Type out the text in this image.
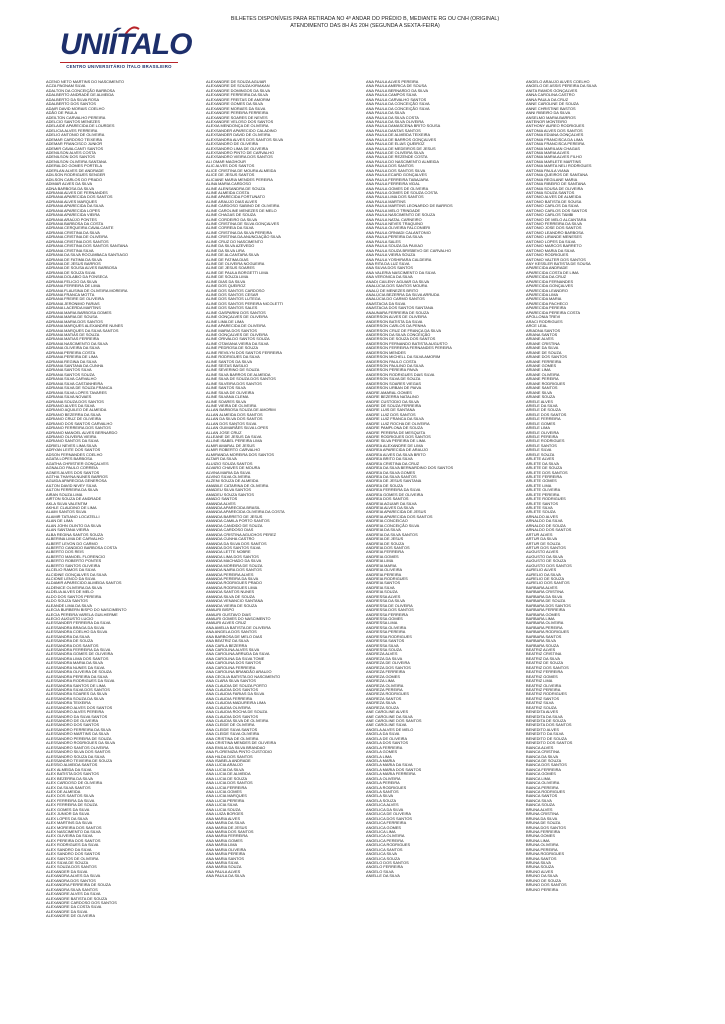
UNIÍTALO
CENTRO UNIVERSITÁRIO ÍTALO BRASILEIRO
BILHETES DISPONÍVEIS PARA RETIRADA NO 4º ANDAR DO PRÉDIO B, MEDIANTE RG OU CNH (ORIGINAL)
ATENDIMENTO DAS 8H ÀS 20H (SEGUNDA A SEXTA-FEIRA)
ACENO NETO MARTINS DO NASCIMENTO
ACZA PAGNAM SILVA
ADALTON DA CONCEIÇÃO BARBOSA
ADALBERTO ANDRADE DE ALMEIDA
ADALBERTO DA SILVA ROSA
ADALBERTO DOS SANTOS
ADAIR DAVID MORAIS COELHO
ADÃO DE PAULA
ADEILTON CARVALHO PEREIRA
ADELCIO SANTOS MENEZES
ADELAIDE APARECIDA DE LOURDES
ADELICIA ALVES FERREIRA
ADELIO ANTONIO DE OLIVEIRA
ADEMAR CARDOSO TEIXEIRA
ADEMAR FRANCISCO JUNIOR
ADEMIR CAVALCANTI SANTOS
ADENILSON ALVES COSTA
ADENILSON DOS SANTOS
ADENILSON OLIVEIRA SANTANA
ADERALDO GOMES PORTELA
ADERLAN ALVES DE ANDRADE
ADILSON RODRIGUES SENGER
ADILSON CARLOS DO PRADO
ADIMAR ALVES DA SILVA
ADNA BARBOSA DA SILVA
ADRIANA ALVES DE FERNANDES
ADRIANA APARECIDA DOS SANTOS
ADRIANA ALVES MARQUES
ADRIANA APARECIDA DA SILVA
ADRIANA APARECIDA LOPES
ADRIANA APARECIDA VIEIRA
ADRIANA ARAÚJO PONTES
ADRIANA BARBOSA DA COSTA
ADRIANA CERQUEIRA CAVALCANTE
ADRIANA CRISTINA DA SILVA
ADRIANA CRISTINA DE OLIVEIRA
ADRIANA CRISTINA DOS SANTOS
ADRIANA CRISTINA DOS SANTOS SANTANA
ADRIANA CRISTINA SILVA
ADRIANA DA SILVA ROCUMBACA SANTIAGO
ADRIANA DE FATIMA DA SILVA
ADRIANA DE JESUS BARROS
ADRIANA DE SOUSA ALVES BARBOSA
ADRIANA DE SOUZA SILVA
ADRIANA DOLABIO DA FONSECA
ADRIANA FELICIO DA SILVA
ADRIANA FERREIRA DE LIMA
ADRIANA FLAUSINA DE OLIVEIRA MOREIRA
ADRIANA FRANCA MOTTA
ADRIANA FREIRE DE OLIVEIRA
ADRIANA JERONIMO FARIAS
ADRIANA LACERDA MARTINS
ADRIANA MARIA BARBOSA GOMES
ADRIANA MARIA DE SOUSA
ADRIANA MARIA DOS SANTOS
ADRIANA MARQUES ALEXANDRE NUNES
ADRIANA MARQUES DA SILVA SANTOS
ADRIANA MATIAS DE SOUZA
ADRIANA MATIAS FERREIRA
ADRIANA NASCIMENTO DA SILVA
ADRIANA OLIVEIRA DA SILVA
ADRIANA PEREIRA COSTA
ADRIANA PEREIRA DE LIMA
ADRIANA REGINA DA SILVA
ADRIANA SANTANA DA CUNHA
ADRIANA SANTOS SILVA
ADRIANA SANTOS SOUZA
ADRIANA SILVA CARVALHO
ADRIANA SILVA CASTANHEIRA
ADRIANA SILVA DE SOUZA FRANCA
ADRIANA SILVA LOPES TAVARES
ADRIANA SILVA NOVAES
ADRIANA SOUZA DOS SANTOS
ADRIANO ALVES DA SILVA
ADRIANO AQUILEO DE ALMEIDA
ADRIANO BEZERRA DA SILVA
ADRIANO CRUZ DE OLIVEIRA
ADRIANO DOS SANTOS CARVALHO
ADRIANO FERREIRA DOS SANTOS
ADRIANO MANOEL ALVES BERNARDO
ADRIANO OLIVEIRA VIEIRA
ADRIANO SANTOS DA SILVA
ADRIELI NEVES LIMA SILVA
ADRYAN LEITE DOS SANTOS
ADSON FERNANDES COELHO
AGATA LOPES BARBOSA
AGATHA CHRISTIER GONÇALVES
AGNALDO PAULO CORREIA
AGNES ALVES DOS SANTOS
AGTHA THAYNA NUNES BARROS
AGUIDA APARECIDA GENEROSA
AILTON DAVID NIVEY SILVA
AILTON FERREIRA DA SILVA
AIRAN SOUZA LIMA
AIRTON SOUZA DE ANDRADE
AKLA SILVA VALENTIM
AKHLE CLAUDINO DE LIMA
ALAIM SANTOS SILVA
ALAMIR TATIANO LOCATELLI
ALAN DE LIMA
ALAN JOHN OLINTO DA SILVA
ALAN SANTANA VIEIRA
ALBA REGINA SANTOS SOUZA
ALBERINA LIMA DE CARVALHO
ALBERT LEVON DO CARMO
ALBERTO CANDIDO BARBOSA COSTA
ALBERTO DOS REIS
ALBERTO MANOEL FLORENCIO
ALBERTO ROBERTO PONTES
ALBERTO SANTOS OLIVEIRA
ALCELIO RAMOS DA SILVA
ALCIDINE GONÇALVES DA SILVA
ALCIONE LENCO DA SILVA
ALDAMIR APARECIDO ALMEIDA SANTOS
ALDENICE OLIVEIRA DA SILVA
ALDELIA ALVES DE MELO
ALDO DOS SANTOS PEREIRA
ALDO SOUZA SANTOS
ALEANDE LIMA DA SILVA
ALECIA BURBERN BISPO DO NASCIMENTO
ALECIA PEREIRA VARELA GUILHERME
ALECIO AUGUSTO LUCIO
ALESSANDER FERREIRA DA SILVA
ALESSANDRA BRAGA DA SILVA
ALESSANDRA COELHO DA SILVA
ALESSANDRA DA SILVA
ALESSANDRA DE SOUZA
ALESSANDRA DOS SANTOS
ALESSANDRA FERREIRA DA SILVA
ALESSANDRA GOMES DE OLIVEIRA
ALESSANDRA LIMA DOS SANTOS
ALESSANDRA MARIA DA SILVA
ALESSANDRA NUNES DA SILVA
ALESSANDRA OLIVEIRA DE SOUZA
ALESSANDRA PEREIRA DA SILVA
ALESSANDRA RODRIGUES DA SILVA
ALESSANDRA SANTOS DE LIMA
ALESSANDRA SILVA DOS SANTOS
ALESSANDRA SOARES DA SILVA
ALESSANDRA SOUZA DA SILVA
ALESSANDRA TEIXEIRA
ALESSANDRO ALVES DOS SANTOS
ALESSANDRO ALVES PEREIRA
ALESSANDRO DA SILVA SANTOS
ALESSANDRO DE OLIVEIRA
ALESSANDRO DOS SANTOS
ALESSANDRO FERREIRA DA SILVA
ALESSANDRO MARTINS DA SILVA
ALESSANDRO PEREIRA DE SOUZA
ALESSANDRO RODRIGUES DA SILVA
ALESSANDRO SANTOS OLIVEIRA
ALESSANDRO SILVA DOS SANTOS
ALESSANDRO SOUZA DA SILVA
ALESSANDRO TEIXEIRA DE SOUZA
ALESSIO ALMEIDA SANTOS
ALEX ALMEIDA DA SILVA
ALEX BATISTA DOS SANTOS
ALEX BEZERRA DA SILVA
ALEX CARDOSO DE OLIVEIRA
ALEX DA SILVA SANTOS
ALEX DE ALMEIDA
ALEX DOS SANTOS SILVA
ALEX FERREIRA DA SILVA
ALEX FERREIRA DE SOUZA
ALEX GOMES DA SILVA
ALEX JUNIOR DA SILVA
ALEX LOPES DA SILVA
ALEX MARTINS DA SILVA
ALEX MOREIRA DOS SANTOS
ALEX NASCIMENTO DA SILVA
ALEX OLIVEIRA DA SILVA
ALEX PEREIRA DOS SANTOS
ALEX RODRIGUES DA SILVA
ALEX SANDRO DA SILVA
ALEX SANDRO DOS SANTOS
ALEX SANTOS DE OLIVEIRA
ALEX SILVA DE SOUZA
ALEX SOUZA DOS SANTOS
ALEXANDER DA SILVA
ALEXANDRA ALVES DA SILVA
ALEXANDRA DOS SANTOS
ALEXANDRA FERREIRA DE SOUZA
ALEXANDRA SILVA SANTOS
ALEXANDRE ALVES DA SILVA
ALEXANDRE BATISTA DE SOUZA
ALEXANDRE CARDOSO DOS SANTOS
ALEXANDRE DA COSTA SILVA
ALEXANDRE DA SILVA
ALEXANDRE DE OLIVEIRA
ALEXANDRE DE SOUZA AGUIAR
ALEXANDRE DE SOUZA KIRIAKAN
ALEXANDRE DOMINGOS DA SILVA
ALEXANDRE FERREIRA DA SILVA
ALEXANDRE FREITAS DE AMORIM
ALEXANDRE GOMES DA SILVA
ALEXANDRE MORAES DA SILVA
ALEXANDRE PEREIRA FERREIRA
ALEXANDRE SOARES DE NEVES
ALEXANDRE VELOSO DOS SANTOS
ALEXIA MENDONÇA DE OLIVEIRA
ALEXSANDER APARECIDO CALADINO
ALEXSANDER DAVID DE OLIVEIRA
ALEXSANDRA ALVES DOS SANTOS SILVA
ALEXSANDRO DE OLIVEIRA
ALEXSANDRO LIMA DE OLIVEIRA
ALEXSANDRO PINTO DE CARVALHO
ALEXSANDRO VIEIRA DOS SANTOS
ALI OMAR MAGHOUR
ALIC ALVES DOS SANTOS
ALICE CRISTINA DE MOURA ALMEIDA
ALICE DE JESUS SANTOS
ALICIANE MARIA MENDES PEREIRA
ALINA MARIA CARDOSO
ALINE ALENSANDRA DE SOUZA
ALINE ALMEIDA COSTA
ALINE APARECIDA FORTUNATO
ALINE ARAUJO DIAS ALVES
ALINE CARDOSO SABINO DE OLIVEIRA
ALINE CAROLINE MENEZES DE MELO
ALINE CHAGAS DE SOUZA
ALINE CORDEIRO DA SILVA
ALINE CRISTINA DE SILVA GONÇALVES
ALINE CORREIA DA SILVA
ALINE CRISTINA DA SILVA PEREIRA
ALINE CRISTINA DA ANUNCIAÇÃO SILVA
ALINE CRUZ DO NASCIMENTO
ALINE DA SILVA AZEVEDO
ALINE DA SILVA LIRA
ALINE DE ALCANTARA SILVA
ALINE DE FATIMA DIAS
ALINE DE OLIVEIRA NOGUEIRA
ALINE DE JESUS SOARES
ALINE DE PAULA BORGETTI LIMA
ALINE DE SOUZA LIMA
ALINE DIAS DA SILVA
ALINE DOS QUEIROZ
ALINE DOS SANTOS CARDOSO
ALINE DOS SANTOS CESAR
ALINE DOS SANTOS LUTEGA
ALINE DOS SANTOS PEREIRA NICOLETTI
ALINE DOS SANTOS SALES
ALINE GASPARINI DOS SANTOS
ALINE GONÇALVES DE OLIVEIRA
ALINE LIMA DE LIMA
ALINE APARECIDA DE OLIVEIRA
ALINE MARIA DOS SANTOS
ALINE GONÇALVES DE OLIVEIRA
ALINE ORIVALDO SANTOS SOUZA
ALINE OTAVIANA VIEIRA DA SILVA
ALINE PEDROSA DE SOUZA
ALINE REVILYN DOS SANTOS FERREIRA
ALINE RODRIGUES DA SILVA
ALINE SANTOS DA SILVA
ALINE SEITAS BASILIO
ALINE SEVERINO DE SOUZA
ALINE SILVA BARROS DE ALMEIDA
ALINE SILVA DE SOUZA DOS SANTOS
ALINE SILVEIRA DOS SANTOS
ALINE SANTOS SILVA
ALINE SILVA DE OLIVEIRA
ALINE SILVANA CLEMA
ALINE SOARES SILVA
ALINE VIEIRA DE OLIVEIRA
ALLAN BARBOSA SOUZA DE AMORIM
ALLAN ALMEIDA DOS SANTOS
ALLAN DA SILVA DOS SANTOS
ALLAN DOS SANTOS SILVA
ALLAN GUIMARÃES SILVA LOPES
ALLAN JOSE CRUZ
ALLEANE DE JESUS DA SILVA
ALLINE ISABEL PEREIRA LIMA
ALMIR AMARAL DE JESUS
ALMIR ROBERTO CARVALHO
ALMIRANDA MOREIRA DOS SANTOS
ALTAIR DA SILVA
ALUIZIO SOUZA SANTOS
ALVARO CHAVES DE MOURA
ALVINA MARIA DA SILVA
ALVINO SILVA OLIVEIRA
ALZENI SOUZA DE ALMEIDA
AMABILE CATARINA DE OLIVEIRA
AMADEU SILVA SANTOS
AMADEU SOUZA SANTOS
AMADO SANTOS
AMANDA ALVES
AMANDA APARECIDA BRASIL
AMANDA APARECIDA OLIVEIRA DA COSTA
AMANDA BARRETO DE JESUS
AMANDA CAMILA PORTO SANTOS
AMANDA CANDIDO DE SOUZA
AMANDA CARDOSO DIAS
AMANDA CRISTINA AGUCHOS PEREZ
AMANDA CUNHA CASTRO
AMANDA DA SILVA DOS SANTOS
AMANDA DOS SANTOS SILVA
AMANDA LETTE NOBRE
AMANDA LIMA DOS SANTOS
AMANDA MACHADO DA SILVA
AMANDA MOREIRA DE SOUZA
AMANDA NAIRA DOS SANTOS
AMANDA PEREIRA ALVES
AMANDA PEREIRA DA SILVA
AMANDA RODRIGUES PRADO
AMANDA RODRIGUES LIMA
AMANDA SANTOS NUNES
AMANDA SILVA DE SOUZA
AMANDA VENANCIO SANTANA
AMANDA VIEIRA DE SOUZA
AMAURI BISPO
AMAURI GUSTAVO DIAS
AMAURI GOMES DO NASCIMENTO
AMAURI ALVES CRUZ
ANA AMELIA BATISTA DE OLIVEIRA
ANA ANGELA DOS SANTOS
ANA BARBOSA DE MELO DIAS
ANA BEATRIZ DA SILVA
ANA CARLA BEZERRA
ANA CAROLINA ALVES SILVA
ANA CAROLINA ARRUDA DA SILVA
ANA CAROLINA DA SILVA TOME
ANA CAROLINA DOS SANTOS
ANA CAROLINA FERREIRA
ANA CAROLINA BRANDÃO ARAUJO
ANA CECILIA BATISTA DO NASCIMENTO
ANA CLARA SILVA SANTOS
ANA CLAUDIA DE SOUZA PORTO
ANA CLAUDIA DOS SANTOS
ANA CLAUDIA FARIAS DA SILVA
ANA CLAUDIA FERREIRA
ANA CLAUDIA MADUREIRA LIMA
ANA CLAUDIA OLIVEIRA
ANA CLAUDIA ROCHA DE SOUZA
ANA CLAUDIA DOS SANTOS
ANA CLAUDIA SILVA DE OLIVEIRA
ANA CLEIDE DE OLIVEIRA
ANA CLEIDE SILVA SANTOS
ANA CLEIDE SILVA OLIVEIRA
ANA CRISTINA DE OLIVEIRA
ANA CRISTINA MENDES DE OLIVEIRA
ANA EMILIA DA SILVA BRANDAO
ANA FLORENIZIA PINTO CUSTODIO
ANA HILDA DOS SANTOS
ANA ISABELA ANDRADE
ANA LUCIA ARAUJO
ANA LUCIA DA SILVA
ANA LUCIA DE ALMEIDA
ANA LUCIA DE SOUZA
ANA LUCIA DOS SANTOS
ANA LUCIA FERREIRA
ANA LUCIA GOMES
ANA LUCIA MARQUES
ANA LUCIA PEREIRA
ANA LUCIA SILVA
ANA LUCIA SOUZA
ANA LUIZA BORGES
ANA MARIA ALVES
ANA MARIA DA SILVA
ANA MARIA DE JESUS
ANA MARIA DOS SANTOS
ANA MARIA FERREIRA
ANA MARIA GOMES
ANA MARIA LIMA
ANA MARIA OLIVEIRA
ANA MARIA PEREIRA
ANA MARIA SANTOS
ANA MARIA SILVA
ANA MARIA SOUZA
ANA PAULA ALVES
ANA PAULA DA SILVA
ANA PAULA ALVES PEREIRA
ANA PAULA AMERICA DE SOUSA
ANA PAULA BERNARDO DA SILVA
ANA PAULA CAMPOS SILVA
ANA PAULA CARVALHO SANTOS
ANA PAULA DA CONCEIÇÃO SILVA
ANA PAULA DA CONCEIÇÃO SILVA
ANA PAULA DA SILVA
ANA PAULA DA SILVA COSTA
ANA PAULA DA SILVA OLIVEIRA
ANA PAULA DAMASCENA BRITO SOUSA
ANA PAULA DANTAS SANTOS
ANA PAULA DE ALMEIDA TEIXEIRA
ANA PAULA DE BARROS GONÇALVES
ANA PAULA DE ELIAS QUEIROZ
ANA PAULA DE MEDEIROS DE JESUS
ANA PAULA DE OLIVEIRA SILVA
ANA PAULA DE REZENDE COSTA
ANA PAULA DO NASCIMENTO ALMEIDA
ANA PAULA DOS SANTOS
ANA PAULA DOS SANTOS SILVA
ANA PAULA ECARD GONÇALVES
ANA PAULA FERREIRA TABAJARA
ANA PAULA FERREIRA VIDAL
ANA PAULA GOMES DE OLIVEIRA
ANA PAULA GOMES DE SOUZA COSTA
ANA PAULA LIMA DOS SANTOS
ANA PAULA MARTINS
ANA PAULA MARTINS LEONARDO DE BARROS
ANA PAULA MELO TRINDADE
ANA PAULA NASCIMENTO DE SOUZA
ANA PAULA NATAL CARNEIRO
ANA PAULA NEVES TRAQUINO
ANA PAULA OLIVEIRA FALCONIERI
ANA PAULA ORNIADI CALANTONIO
ANA PAULA PEREIRA DA SILVA
ANA PAULA SALES
ANA PAULA SOUZA DA PAIXAO
ANA PAULA SOUZA BRISBEVO DE CARVALHO
ANA PAULA VIEIRA SOUZA
ANA PAULA YOSHIRARA CALDEIRA
ANA RITA DA LUZ SILVA
ANA SILVIA DOS SANTOS
ANA VALERIA NASCIMENTO DA SILVA
ANA VERONICA DA SILVA
ANADI CAILENY AGUIAR DA SILVA
ANALÚCIA DOS SANTOS MOURA
ANALÚ DE MENEZES BRITO
ANALÚCIA BEZERRA DA SILVA ARRUDA
ANALÚCIA DO CARMO SANTOS
ANASTACIA DA SILVA
ANASTACIA DOS SANTOS SANTANA
ANAUNARA FERREIRA DE SOUZA
ANDERSON ALVES DE OLIVEIRA
ANDERSON BATISTA DA SILVA
ANDERSON CARLOS DA PENHA
ANDERSON CRUZ DE FRANÇA DA SILVA
ANDERSON DA SILVA CONCEIÇÃO
ANDERSON DE SOUZA DOS SANTOS
ANDERSON FERNANDO BATISTA AUGUSTO
ANDERSON FERREIRA FERNANDES PEREIRA
ANDERSON MENDES
ANDERSON MICHELL DA SILVA AMORIM
ANDERSON PAULO COSTA
ANDERSON PAULINO DA SILVA
ANDERSON PEREIRA PAIVA
ANDERSON RODRIGUES DIAS SILVA
ANDERSON SILVA DE SOUZA
ANDERSON SOARES VIEGAS
ANDERSON URBAN DE PAIVA
ANDRE AMARAL GOMES
ANDRE BEZERRA NATALINO
ANDRE CUSTODIO DA SILVA
ANDRE DE SOUZA FERREIRA
ANDRE LUIS DE SANTANA
ANDRE LUIZ DOS SANTOS
ANDRE LUIZ FRANCA DA SILVA
ANDRE LUIZ ROCHA DE OLIVEIRA
ANDRE PAMPLONA DE SOUZA
ANDRE PEREIRA DE MESQUITA
ANDRE RODRIGUES DOS SANTOS
ANDRE SILVA PEREIRA DE LIMA
ANDREA ALEXANDRE DE LIMA
ANDREA APARECIDA DE ARAUJO
ANDREA ALVES DA SILVA BRITO
ANDREA BRITO DA SILVA
ANDREA CRISTINA DA CRUZ
ANDREA DA SILVA BERNARDINO DOS SANTOS
ANDREA DA SILVA GOMES
ANDREA DA SILVA SANTOS
ANDREA DE JESUS SANTANA
ANDREA DE SOUZA
ANDREA FERREIRA DA SILVA
ANDREA GOMES DE OLIVEIRA
ANDREA DOS SANTOS
ANDREIA AGUIAR DA SILVA
ANDREIA ALVES DA SILVA
ANDREIA APARECIDA DE JESUS
ANDREIA APARECIDA DOS SANTOS
ANDREIA CONCEICAO
ANDREIA CONCEIÇÃO SILVA
ANDREIA DA SILVA
ANDREIA DA SILVA SANTOS
ANDREIA DE JESUS
ANDREIA DE SOUZA
ANDREIA DOS SANTOS
ANDREIA FERREIRA
ANDREIA GOMES
ANDREIA LIMA
ANDREIA MARIA
ANDREIA OLIVEIRA
ANDREIA PEREIRA
ANDREIA RODRIGUES
ANDREIA SANTOS
ANDREIA SILVA
ANDREIA SOUZA
ANDRESSA ALVES
ANDRESSA DA SILVA
ANDRESSA DE OLIVEIRA
ANDRESSA DOS SANTOS
ANDRESSA FERREIRA
ANDRESSA GOMES
ANDRESSA LIMA
ANDRESSA OLIVEIRA
ANDRESSA PEREIRA
ANDRESSA RODRIGUES
ANDRESSA SANTOS
ANDRESSA SILVA
ANDRESSA SOUZA
ANDREZA ALVES
ANDREZA DA SILVA
ANDREZA DE OLIVEIRA
ANDREZA DOS SANTOS
ANDREZA FERREIRA
ANDREZA GOMES
ANDREZA LIMA
ANDREZA OLIVEIRA
ANDREZA PEREIRA
ANDREZA RODRIGUES
ANDREZA SANTOS
ANDREZA SILVA
ANDREZA SOUZA
ANE CAROLINE ALVES
ANE CAROLINE DA SILVA
ANE CAROLINE DOS SANTOS
ANE CAROLINE SILVA
ANGELA ALVES DE MELO
ANGELA DA SILVA
ANGELA DE OLIVEIRA
ANGELA DOS SANTOS
ANGELA FERREIRA
ANGELA GOMES
ANGELA LIMA
ANGELA MARIA
ANGELA MARIA DA SILVA
ANGELA MARIA DOS SANTOS
ANGELA MARIA FERREIRA
ANGELA OLIVEIRA
ANGELA PEREIRA
ANGELA RODRIGUES
ANGELA SANTOS
ANGELA SILVA
ANGELA SOUZA
ANGELICA ALVES
ANGELICA DA SILVA
ANGELICA DE OLIVEIRA
ANGELICA DOS SANTOS
ANGELICA FERREIRA
ANGELICA GOMES
ANGELICA LIMA
ANGELICA OLIVEIRA
ANGELICA PEREIRA
ANGELICA RODRIGUES
ANGELICA SANTOS
ANGELICA SILVA
ANGELICA SOUZA
ANGELO DOS SANTOS
ANGELO FERREIRA
ANGELO SILVA
ANIELLE DA SILVA
ANGELO ARAUJO ALVES COELHO
ANGELO DE ASSIS PEREIRA DA SILVA
ANITA RAMOS GONÇALVES
ANNA CAROLINA CASTRO
ANNA PAULA DA CRUZ
ANNE CAROLINE DE SOUZA
ANNE CHRISTINE BASTOS
ANNI RIBEIRO DA SILVA
ANSELMO MARIA BARROS
ANTENOR MONTEIRO
ANTHONY AUREO RODRIGUES
ANTONIA ALVES DOS SANTOS
ANTONIA EDIANA GONÇALVES
ANTONIA FRANCISCA DA LIMA
ANTONIA FRANCISCA PEREIRA
ANTONIA MARILIAN CHAGAS
ANTONIA MARIA ALVES
ANTONIA MARIA ALVES FILHO
ANTONIA MARLETE MARTINS
ANTONIA MARTA NELI RODRIGUES
ANTONIA PAULA VIANA
ANTONIA QUEIROS DE SANTANA
ANTONIA REGILANE MARIA
ANTONIA RIBEIRO DE SANTANA
ANTONIA SOUSA DE OLIVEIRA
ANTONIA SOUZA SANTOS
ANTONIO ALVES DE ALMEIDA
ANTONIO BATISTA DE SOUSA
ANTONIO CARLOS DA SILVA
ANTONIO CARLOS DOS SANTOS
ANTONIO CARLOS TAMBI
ANTONIO DE MELO ALCANTARA
ANTONIO FERREIRA DA SILVA
ANTONIO JOSE DOS SANTOS
ANTONIO LEANDRO BARBOSA
ANTONIO LIRANDE MENESES
ANTONIO LOPES DA SILVA
ANTONIO MARCOS BARRETO
ANTONIO MARIA DA SILVA
ANTONIO RODRIGUES
ANTONIO VALTER DOS SANTOS
ANY KESSLER BATISTA DE SOUSA
APARECIDA ANDRADE
APARECIDA COSTA DE LIMA
APARECIDA DA CRUZ
APARECIDA FERNANDES
APARECIDA GONÇALVES
APARECIDA LEANDRO
APARECIDA LIMA
APARECIDA MARIA
APARECIDA PACHECO
APARECIDA PEREIRA
APARECIDA PEREIRA COSTA
APOLLONIA TREVI
ARACI RODRIGUES
ARCE LEAL
ARIADNA SANTOS
ARIANA SANTOS
ARIANE ALVES
ARIANE CRISTINA
ARIANE DA SILVA
ARIANE DE SOUZA
ARIANE DOS SANTOS
ARIANE FERREIRA
ARIANE GOMES
ARIANE LIMA
ARIANE OLIVEIRA
ARIANE PEREIRA
ARIANE RODRIGUES
ARIANE SANTOS
ARIANE SILVA
ARIANE SOUZA
ARIELE ALVES
ARIELE DA SILVA
ARIELE DE SOUZA
ARIELE DOS SANTOS
ARIELE FERREIRA
ARIELE GOMES
ARIELE LIMA
ARIELE OLIVEIRA
ARIELE PEREIRA
ARIELE RODRIGUES
ARIELE SANTOS
ARIELE SILVA
ARIELE SOUZA
ARLETE ALVES
ARLETE DA SILVA
ARLETE DE SOUZA
ARLETE DOS SANTOS
ARLETE FERREIRA
ARLETE GOMES
ARLETE LIMA
ARLETE OLIVEIRA
ARLETE PEREIRA
ARLETE RODRIGUES
ARLETE SANTOS
ARLETE SILVA
ARLETE SOUZA
ARNALDO ALVES
ARNALDO DA SILVA
ARNALDO DE SOUZA
ARNALDO DOS SANTOS
ARTUR ALVES
ARTUR DA SILVA
ARTUR DE SOUZA
ARTUR DOS SANTOS
AUGUSTO ALVES
AUGUSTO DA SILVA
AUGUSTO DE SOUZA
AUGUSTO DOS SANTOS
AURELIO ALVES
AURELIO DA SILVA
AURELIO DE SOUZA
AURELIO DOS SANTOS
BARBARA ALVES
BARBARA CRISTINA
BARBARA DA SILVA
BARBARA DE SOUZA
BARBARA DOS SANTOS
BARBARA FERREIRA
BARBARA GOMES
BARBARA LIMA
BARBARA OLIVEIRA
BARBARA PEREIRA
BARBARA RODRIGUES
BARBARA SANTOS
BARBARA SILVA
BARBARA SOUZA
BEATRIZ ALVES
BEATRIZ CRISTINA
BEATRIZ DA SILVA
BEATRIZ DE SOUZA
BEATRIZ DOS SANTOS
BEATRIZ FERREIRA
BEATRIZ GOMES
BEATRIZ LIMA
BEATRIZ OLIVEIRA
BEATRIZ PEREIRA
BEATRIZ RODRIGUES
BEATRIZ SANTOS
BEATRIZ SILVA
BEATRIZ SOUZA
BENEDITA ALVES
BENEDITA DA SILVA
BENEDITA DE SOUZA
BENEDITA DOS SANTOS
BENEDITO ALVES
BENEDITO DA SILVA
BENEDITO DE SOUZA
BENEDITO DOS SANTOS
BIANCA ALVES
BIANCA CRISTINA
BIANCA DA SILVA
BIANCA DE SOUZA
BIANCA DOS SANTOS
BIANCA FERREIRA
BIANCA GOMES
BIANCA LIMA
BIANCA OLIVEIRA
BIANCA PEREIRA
BIANCA RODRIGUES
BIANCA SANTOS
BIANCA SILVA
BIANCA SOUZA
BRUNA ALVES
BRUNA CRISTINA
BRUNA DA SILVA
BRUNA DE SOUZA
BRUNA DOS SANTOS
BRUNA FERREIRA
BRUNA GOMES
BRUNA LIMA
BRUNA OLIVEIRA
BRUNA PEREIRA
BRUNA RODRIGUES
BRUNA SANTOS
BRUNA SILVA
BRUNA SOUZA
BRUNO ALVES
BRUNO DA SILVA
BRUNO DE SOUZA
BRUNO DOS SANTOS
BRUNO PEREIRA
